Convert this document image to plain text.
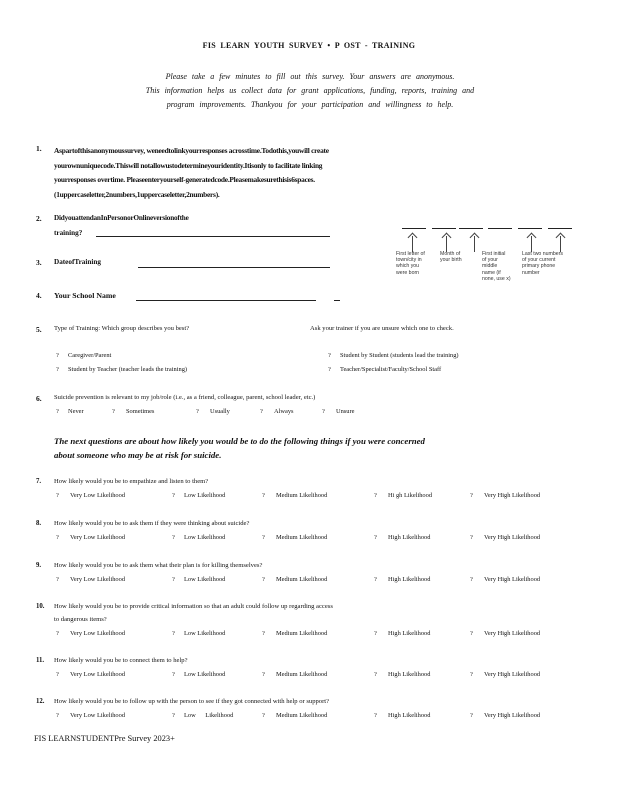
FIS LEARN YOUTH SURVEY • P OST - TRAINING
Please take a few minutes to fill out this survey. Your answers are anonymous.
This information helps us collect data for grant applications, funding, reports, training and
program improvements. Thankyou for your participation and willingness to help.
1. Aspartofthisanonymoussurvey, weneedtolinkyourresponses acrosstime.Todothis,youwill create
yourownuniquecode.Thiswill notallowustodetermineyouridentity.Itisonly to facilitate linking
yourresponses overtime. Pleaseenteryourself-generatedcode.Pleasemakesurethisis6spaces.
(1uppercaseletter,2numbers,1uppercaseletter,2numbers).
2. DidyouattendanInPersonorOnlineversionofthe
training?
3. DateofTraining
4. Your School Name
First letter of
town/city in
which you
were born
Month of
your birth
First initial
of your
middle
name (if
none, use x)
Last two numbers
of your current
primary phone
number
5. Type of Training: Which group describes you best?	Ask your trainer if you are unsure which one to check.
? Caregiver/Parent	? Student by Student (students lead the training)
? Student by Teacher (teacher leads the training)	? Teacher/Specialist/Faculty/School Staff
6. Suicide prevention is relevant to my job/role (i.e., as a friend, colleague, parent, school leader, etc.)
? Never	? Sometimes	? Usually	? Always	? Unsure
The next questions are about how likely you would be to do the following things if you were concerned
about someone who may be at risk for suicide.
7. How likely would you be to empathize and listen to them?
? Very Low Likelihood	? Low Likelihood	? Medium Likelihood	? Hi gh Likelihood	? Very High Likelihood
8. How likely would you be to ask them if they were thinking about suicide?
? Very Low Likelihood	? Low Likelihood	? Medium Likelihood	? High Likelihood	? Very High Likelihood
9. How likely would you be to ask them what their plan is for killing themselves?
? Very Low Likelihood	? Low Likelihood	? Medium Likelihood	? High Likelihood	? Very High Likelihood
10. How likely would you be to provide critical information so that an adult could follow up regarding access
to dangerous items?
? Very Low Likelihood	? Low Likelihood	? Medium Likelihood	? High Likelihood	? Very High Likelihood
11. How likely would you be to connect them to help?
? Very Low Likelihood	? Low Likelihood	? Medium Likelihood	? High Likelihood	? Very High Likelihood
12. How likely would you be to follow up with the person to see if they got connected with help or support?
? Very Low Likelihood	? Low      Likelihood	? Medium Likelihood	? High Likelihood	? Very High Likelihood
FIS LEARNSTUDENTPre Survey 2023+
